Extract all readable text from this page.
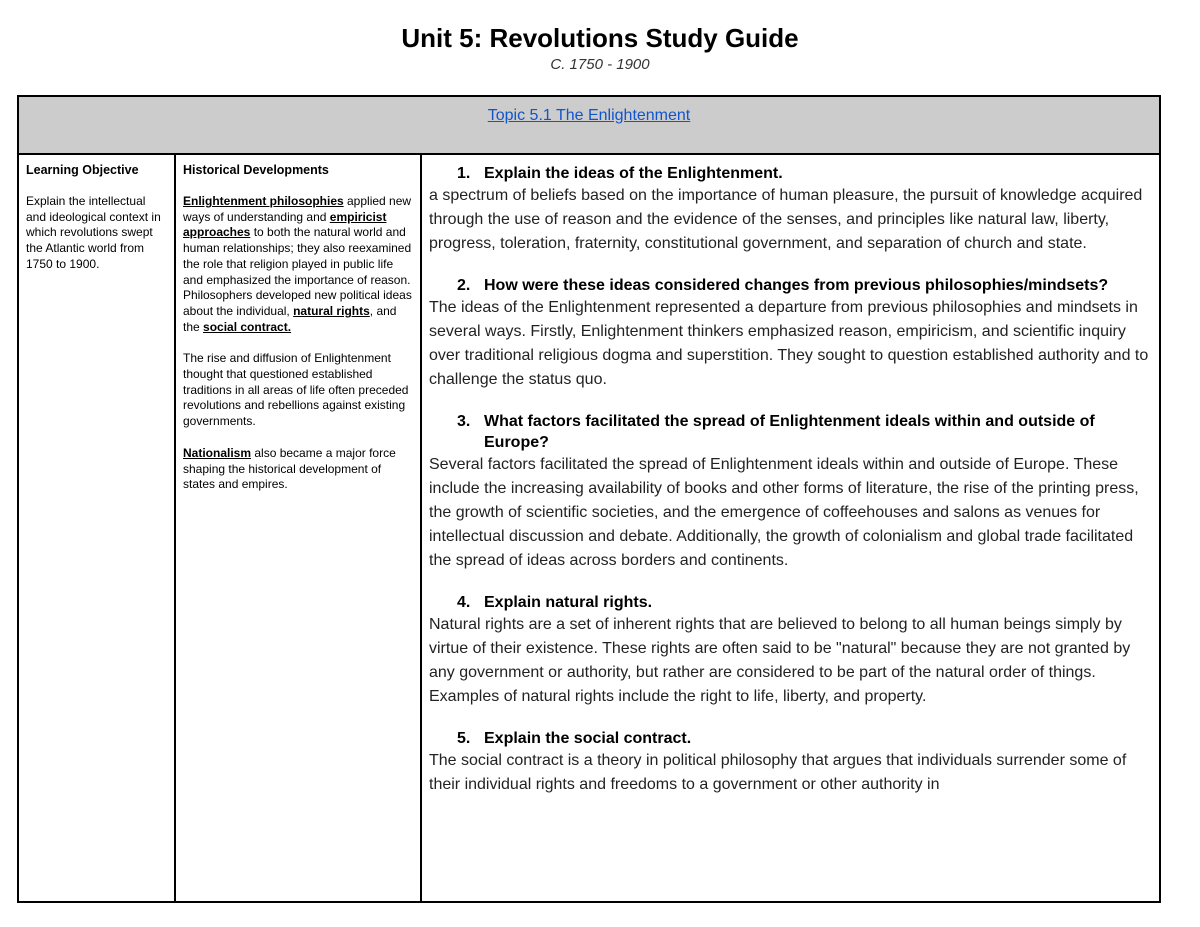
Unit 5: Revolutions Study Guide
C. 1750 - 1900
Topic 5.1 The Enlightenment
Learning Objective

Explain the intellectual and ideological context in which revolutions swept the Atlantic world from 1750 to 1900.

Historical Developments

Enlightenment philosophies applied new ways of understanding and empiricist approaches to both the natural world and human relationships; they also reexamined the role that religion played in public life and emphasized the importance of reason. Philosophers developed new political ideas about the individual, natural rights, and the social contract.

The rise and diffusion of Enlightenment thought that questioned established traditions in all areas of life often preceded revolutions and rebellions against existing governments.

Nationalism also became a major force shaping the historical development of states and empires.

1. Explain the ideas of the Enlightenment.

a spectrum of beliefs based on the importance of human pleasure, the pursuit of knowledge acquired through the use of reason and the evidence of the senses, and principles like natural law, liberty, progress, toleration, fraternity, constitutional government, and separation of church and state.

2. How were these ideas considered changes from previous philosophies/mindsets?

The ideas of the Enlightenment represented a departure from previous philosophies and mindsets in several ways. Firstly, Enlightenment thinkers emphasized reason, empiricism, and scientific inquiry over traditional religious dogma and superstition. They sought to question established authority and to challenge the status quo.

3. What factors facilitated the spread of Enlightenment ideals within and outside of Europe?

Several factors facilitated the spread of Enlightenment ideals within and outside of Europe. These include the increasing availability of books and other forms of literature, the rise of the printing press, the growth of scientific societies, and the emergence of coffeehouses and salons as venues for intellectual discussion and debate. Additionally, the growth of colonialism and global trade facilitated the spread of ideas across borders and continents.

4. Explain natural rights.

Natural rights are a set of inherent rights that are believed to belong to all human beings simply by virtue of their existence. These rights are often said to be "natural" because they are not granted by any government or authority, but rather are considered to be part of the natural order of things. Examples of natural rights include the right to life, liberty, and property.

5. Explain the social contract.

The social contract is a theory in political philosophy that argues that individuals surrender some of their individual rights and freedoms to a government or other authority in
